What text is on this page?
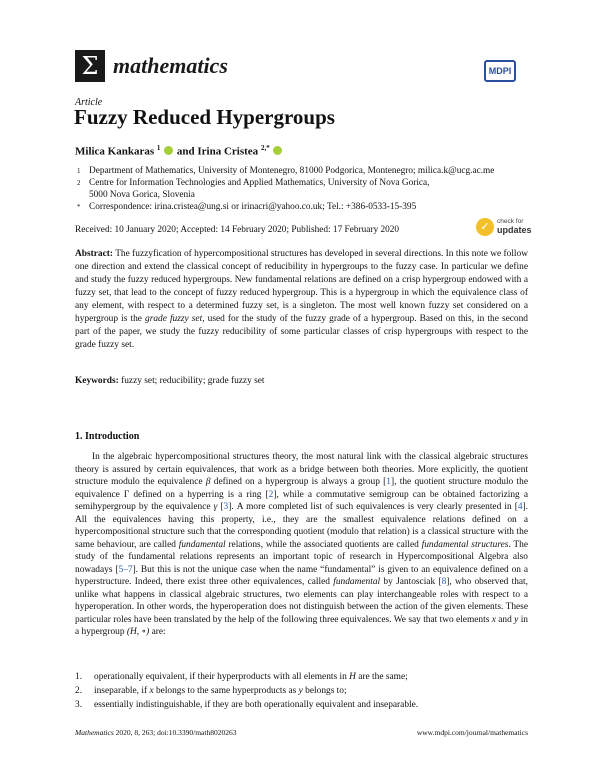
Σ mathematics	MDPI
Article
Fuzzy Reduced Hypergroups
Milica Kankaras $^1$ and Irina Cristea $^{2,*}$
1 Department of Mathematics, University of Montenegro, 81000 Podgorica, Montenegro; milica.k@ucg.ac.me
2 Centre for Information Technologies and Applied Mathematics, University of Nova Gorica,
5000 Nova Gorica, Slovenia
* Correspondence: irina.cristea@ung.si or irinacri@yahoo.co.uk; Tel.: +386-0533-15-395
✓	check for
updates
Received: 10 January 2020; Accepted: 14 February 2020; Published: 17 February 2020
Abstract: The fuzzyfication of hypercompositional structures has developed in several directions. In this note we follow one direction and extend the classical concept of reducibility in hypergroups to the fuzzy case. In particular we define and study the fuzzy reduced hypergroups. New fundamental relations are defined on a crisp hypergroup endowed with a fuzzy set, that lead to the concept of fuzzy reduced hypergroup. This is a hypergroup in which the equivalence class of any element, with respect to a determined fuzzy set, is a singleton. The most well known fuzzy set considered on a hypergroup is the grade fuzzy set, used for the study of the fuzzy grade of a hypergroup. Based on this, in the second part of the paper, we study the fuzzy reducibility of some particular classes of crisp hypergroups with respect to the grade fuzzy set.
Keywords: fuzzy set; reducibility; grade fuzzy set
1. Introduction

In the algebraic hypercompositional structures theory, the most natural link with the classical algebraic structures theory is assured by certain equivalences, that work as a bridge between both theories. More explicitly, the quotient structure modulo the equivalence β defined on a hypergroup is always a group [1], the quotient structure modulo the equivalence Γ defined on a hyperring is a ring [2], while a commutative semigroup can be obtained factorizing a semihypergroup by the equivalence γ [3]. A more completed list of such equivalences is very clearly presented in [4]. All the equivalences having this property, i.e., they are the smallest equivalence relations defined on a hypercompositional structure such that the corresponding quotient (modulo that relation) is a classical structure with the same behaviour, are called fundamental relations, while the associated quotients are called fundamental structures. The study of the fundamental relations represents an important topic of research in Hypercompositional Algebra also nowadays [5–7]. But this is not the unique case when the name “fundamental” is given to an equivalence defined on a hyperstructure. Indeed, there exist three other equivalences, called fundamental by Jantosciak [8], who observed that, unlike what happens in classical algebraic structures, two elements can play interchangeable roles with respect to a hyperoperation. In other words, the hyperoperation does not distinguish between the action of the given elements. These particular roles have been translated by the help of the following three equivalences. We say that two elements x and y in a hypergroup (H, ∘) are:

1. operationally equivalent, if their hyperproducts with all elements in H are the same;
2. inseparable, if x belongs to the same hyperproducts as y belongs to;
3. essentially indistinguishable, if they are both operationally equivalent and inseparable.
Mathematics 2020, 8, 263; doi:10.3390/math8020263	www.mdpi.com/journal/mathematics
